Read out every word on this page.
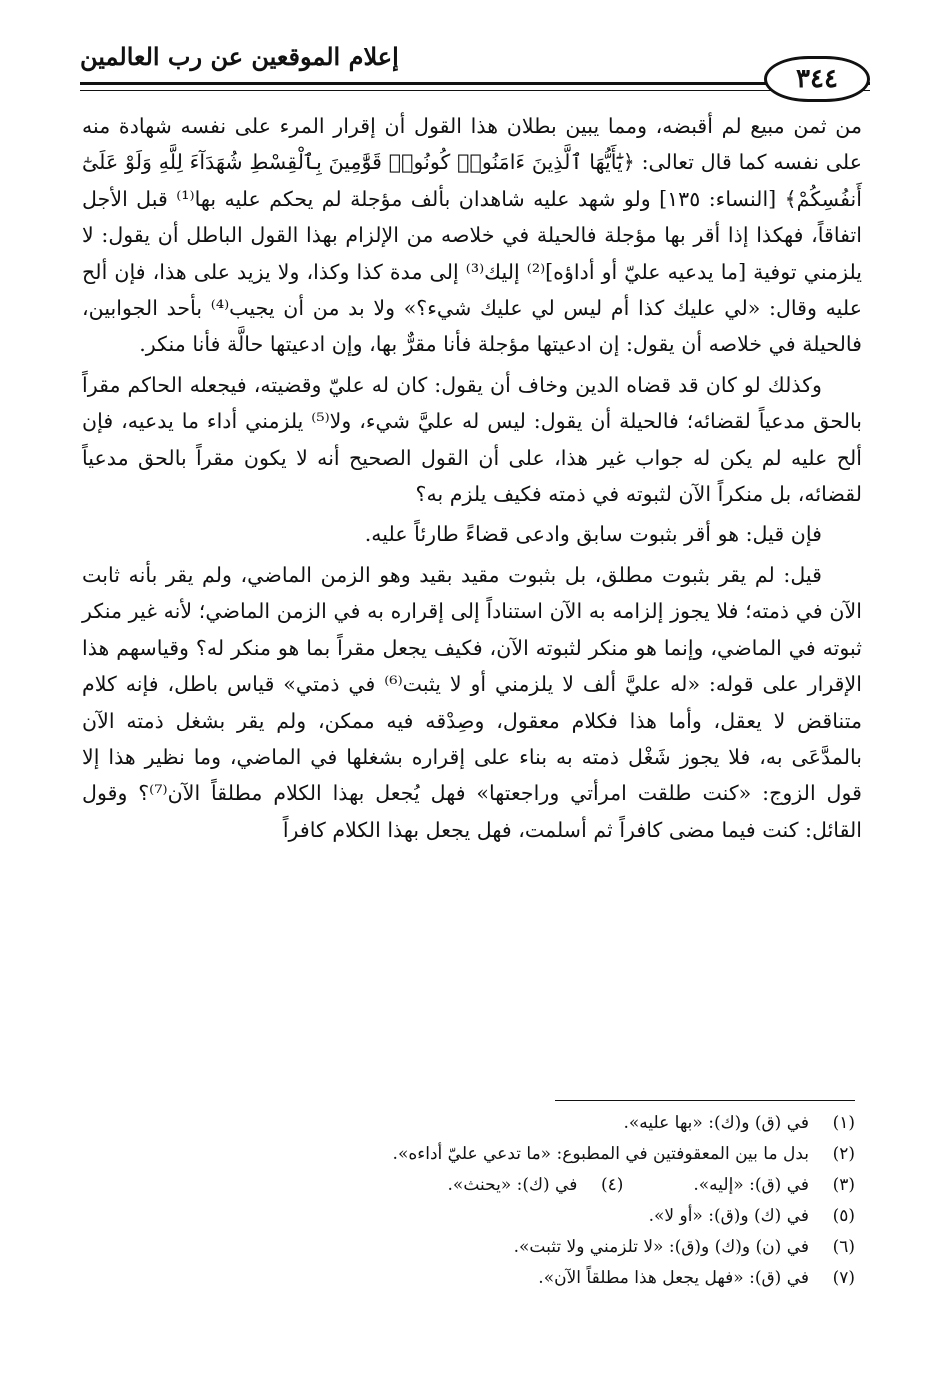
إعلام الموقعين عن رب العالمين
٣٤٤

من ثمن مبيع لم أقبضه، ومما يبين بطلان هذا القول أن إقرار المرء على نفسه شهادة منه على نفسه كما قال تعالى: ﴿يَٰٓأَيُّهَا ٱلَّذِينَ ءَامَنُوا۟ كُونُوا۟ قَوَّٰمِينَ بِٱلْقِسْطِ شُهَدَآءَ لِلَّهِ وَلَوْ عَلَىٰٓ أَنفُسِكُمْ﴾ [النساء: ١٣٥] ولو شهد عليه شاهدان بألف مؤجلة لم يحكم عليه بها⁽¹⁾ قبل الأجل اتفاقاً، فهكذا إذا أقر بها مؤجلة فالحيلة في خلاصه من الإلزام بهذا القول الباطل أن يقول: لا يلزمني توفية [ما يدعيه عليّ أو أداؤه]⁽²⁾ إليك⁽³⁾ إلى مدة كذا وكذا، ولا يزيد على هذا، فإن ألح عليه وقال: «لي عليك كذا أم ليس لي عليك شيء؟» ولا بد من أن يجيب⁽⁴⁾ بأحد الجوابين، فالحيلة في خلاصه أن يقول: إن ادعيتها مؤجلة فأنا مقرٌّ بها، وإن ادعيتها حالَّة فأنا منكر.

وكذلك لو كان قد قضاه الدين وخاف أن يقول: كان له عليّ وقضيته، فيجعله الحاكم مقراً بالحق مدعياً لقضائه؛ فالحيلة أن يقول: ليس له عليَّ شيء، ولا⁽⁵⁾ يلزمني أداء ما يدعيه، فإن ألح عليه لم يكن له جواب غير هذا، على أن القول الصحيح أنه لا يكون مقراً بالحق مدعياً لقضائه، بل منكراً الآن لثبوته في ذمته فكيف يلزم به؟

فإن قيل: هو أقر بثبوت سابق وادعى قضاءً طارئاً عليه.

قيل: لم يقر بثبوت مطلق، بل بثبوت مقيد بقيد وهو الزمن الماضي، ولم يقر بأنه ثابت الآن في ذمته؛ فلا يجوز إلزامه به الآن استناداً إلى إقراره به في الزمن الماضي؛ لأنه غير منكر ثبوته في الماضي، وإنما هو منكر لثبوته الآن، فكيف يجعل مقراً بما هو منكر له؟ وقياسهم هذا الإقرار على قوله: «له عليَّ ألف لا يلزمني أو لا يثبت⁽⁶⁾ في ذمتي» قياس باطل، فإنه كلام متناقض لا يعقل، وأما هذا فكلام معقول، وصِدْقه فيه ممكن، ولم يقر بشغل ذمته الآن بالمدَّعَى به، فلا يجوز شَغْل ذمته به بناء على إقراره بشغلها في الماضي، وما نظير هذا إلا قول الزوج: «كنت طلقت امرأتي وراجعتها» فهل يُجعل بهذا الكلام مطلقاً الآن⁽⁷⁾؟ وقول القائل: كنت فيما مضى كافراً ثم أسلمت، فهل يجعل بهذا الكلام كافراً

(١)
في (ق) و(ك): «بها عليه».
(٢)
بدل ما بين المعقوفتين في المطبوع: «ما تدعي عليّ أداءه».
(٣)
في (ق): «إليه».
(٤)
في (ك): «يحنث».
(٥)
في (ك) و(ق): «أو لا».
(٦)
في (ن) و(ك) و(ق): «لا تلزمني ولا تثبت».
(٧)
في (ق): «فهل يجعل هذا مطلقاً الآن».
